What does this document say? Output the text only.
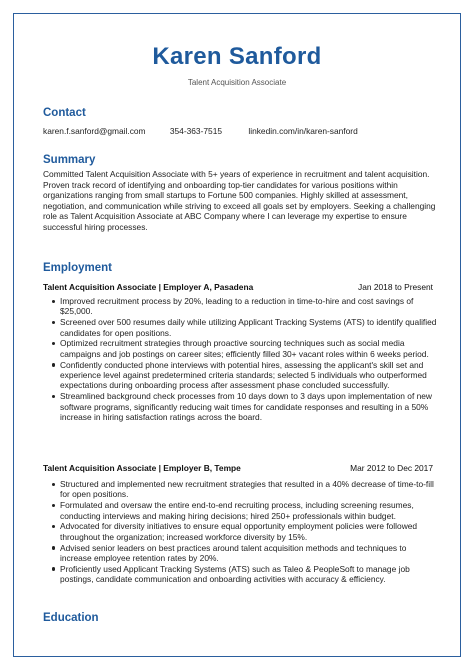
Karen Sanford
Talent Acquisition Associate
Contact
karen.f.sanford@gmail.com	354-363-7515	linkedin.com/in/karen-sanford
Summary
Committed Talent Acquisition Associate with 5+ years of experience in recruitment and talent acquisition. Proven track record of identifying and onboarding top-tier candidates for various positions within organizations ranging from small startups to Fortune 500 companies. Highly skilled at assessment, negotiation, and communication while striving to exceed all goals set by employers. Seeking a challenging role as Talent Acquisition Associate at ABC Company where I can leverage my expertise to ensure successful hiring processes.
Employment
Talent Acquisition Associate | Employer A, Pasadena	Jan 2018 to Present
Improved recruitment process by 20%, leading to a reduction in time-to-hire and cost savings of $25,000.
Screened over 500 resumes daily while utilizing Applicant Tracking Systems (ATS) to identify qualified candidates for open positions.
Optimized recruitment strategies through proactive sourcing techniques such as social media campaigns and job postings on career sites; efficiently filled 30+ vacant roles within 6 weeks period.
Confidently conducted phone interviews with potential hires, assessing the applicant's skill set and experience level against predetermined criteria standards; selected 5 individuals who outperformed expectations during onboarding process after assessment phase concluded successfully.
Streamlined background check processes from 10 days down to 3 days upon implementation of new software programs, significantly reducing wait times for candidate responses and resulting in a 50% increase in hiring satisfaction ratings across the board.
Talent Acquisition Associate | Employer B, Tempe	Mar 2012 to Dec 2017
Structured and implemented new recruitment strategies that resulted in a 40% decrease of time-to-fill for open positions.
Formulated and oversaw the entire end-to-end recruiting process, including screening resumes, conducting interviews and making hiring decisions; hired 250+ professionals within budget.
Advocated for diversity initiatives to ensure equal opportunity employment policies were followed throughout the organization; increased workforce diversity by 15%.
Advised senior leaders on best practices around talent acquisition methods and techniques to increase employee retention rates by 20%.
Proficiently used Applicant Tracking Systems (ATS) such as Taleo & PeopleSoft to manage job postings, candidate communication and onboarding activities with accuracy & efficiency.
Education
